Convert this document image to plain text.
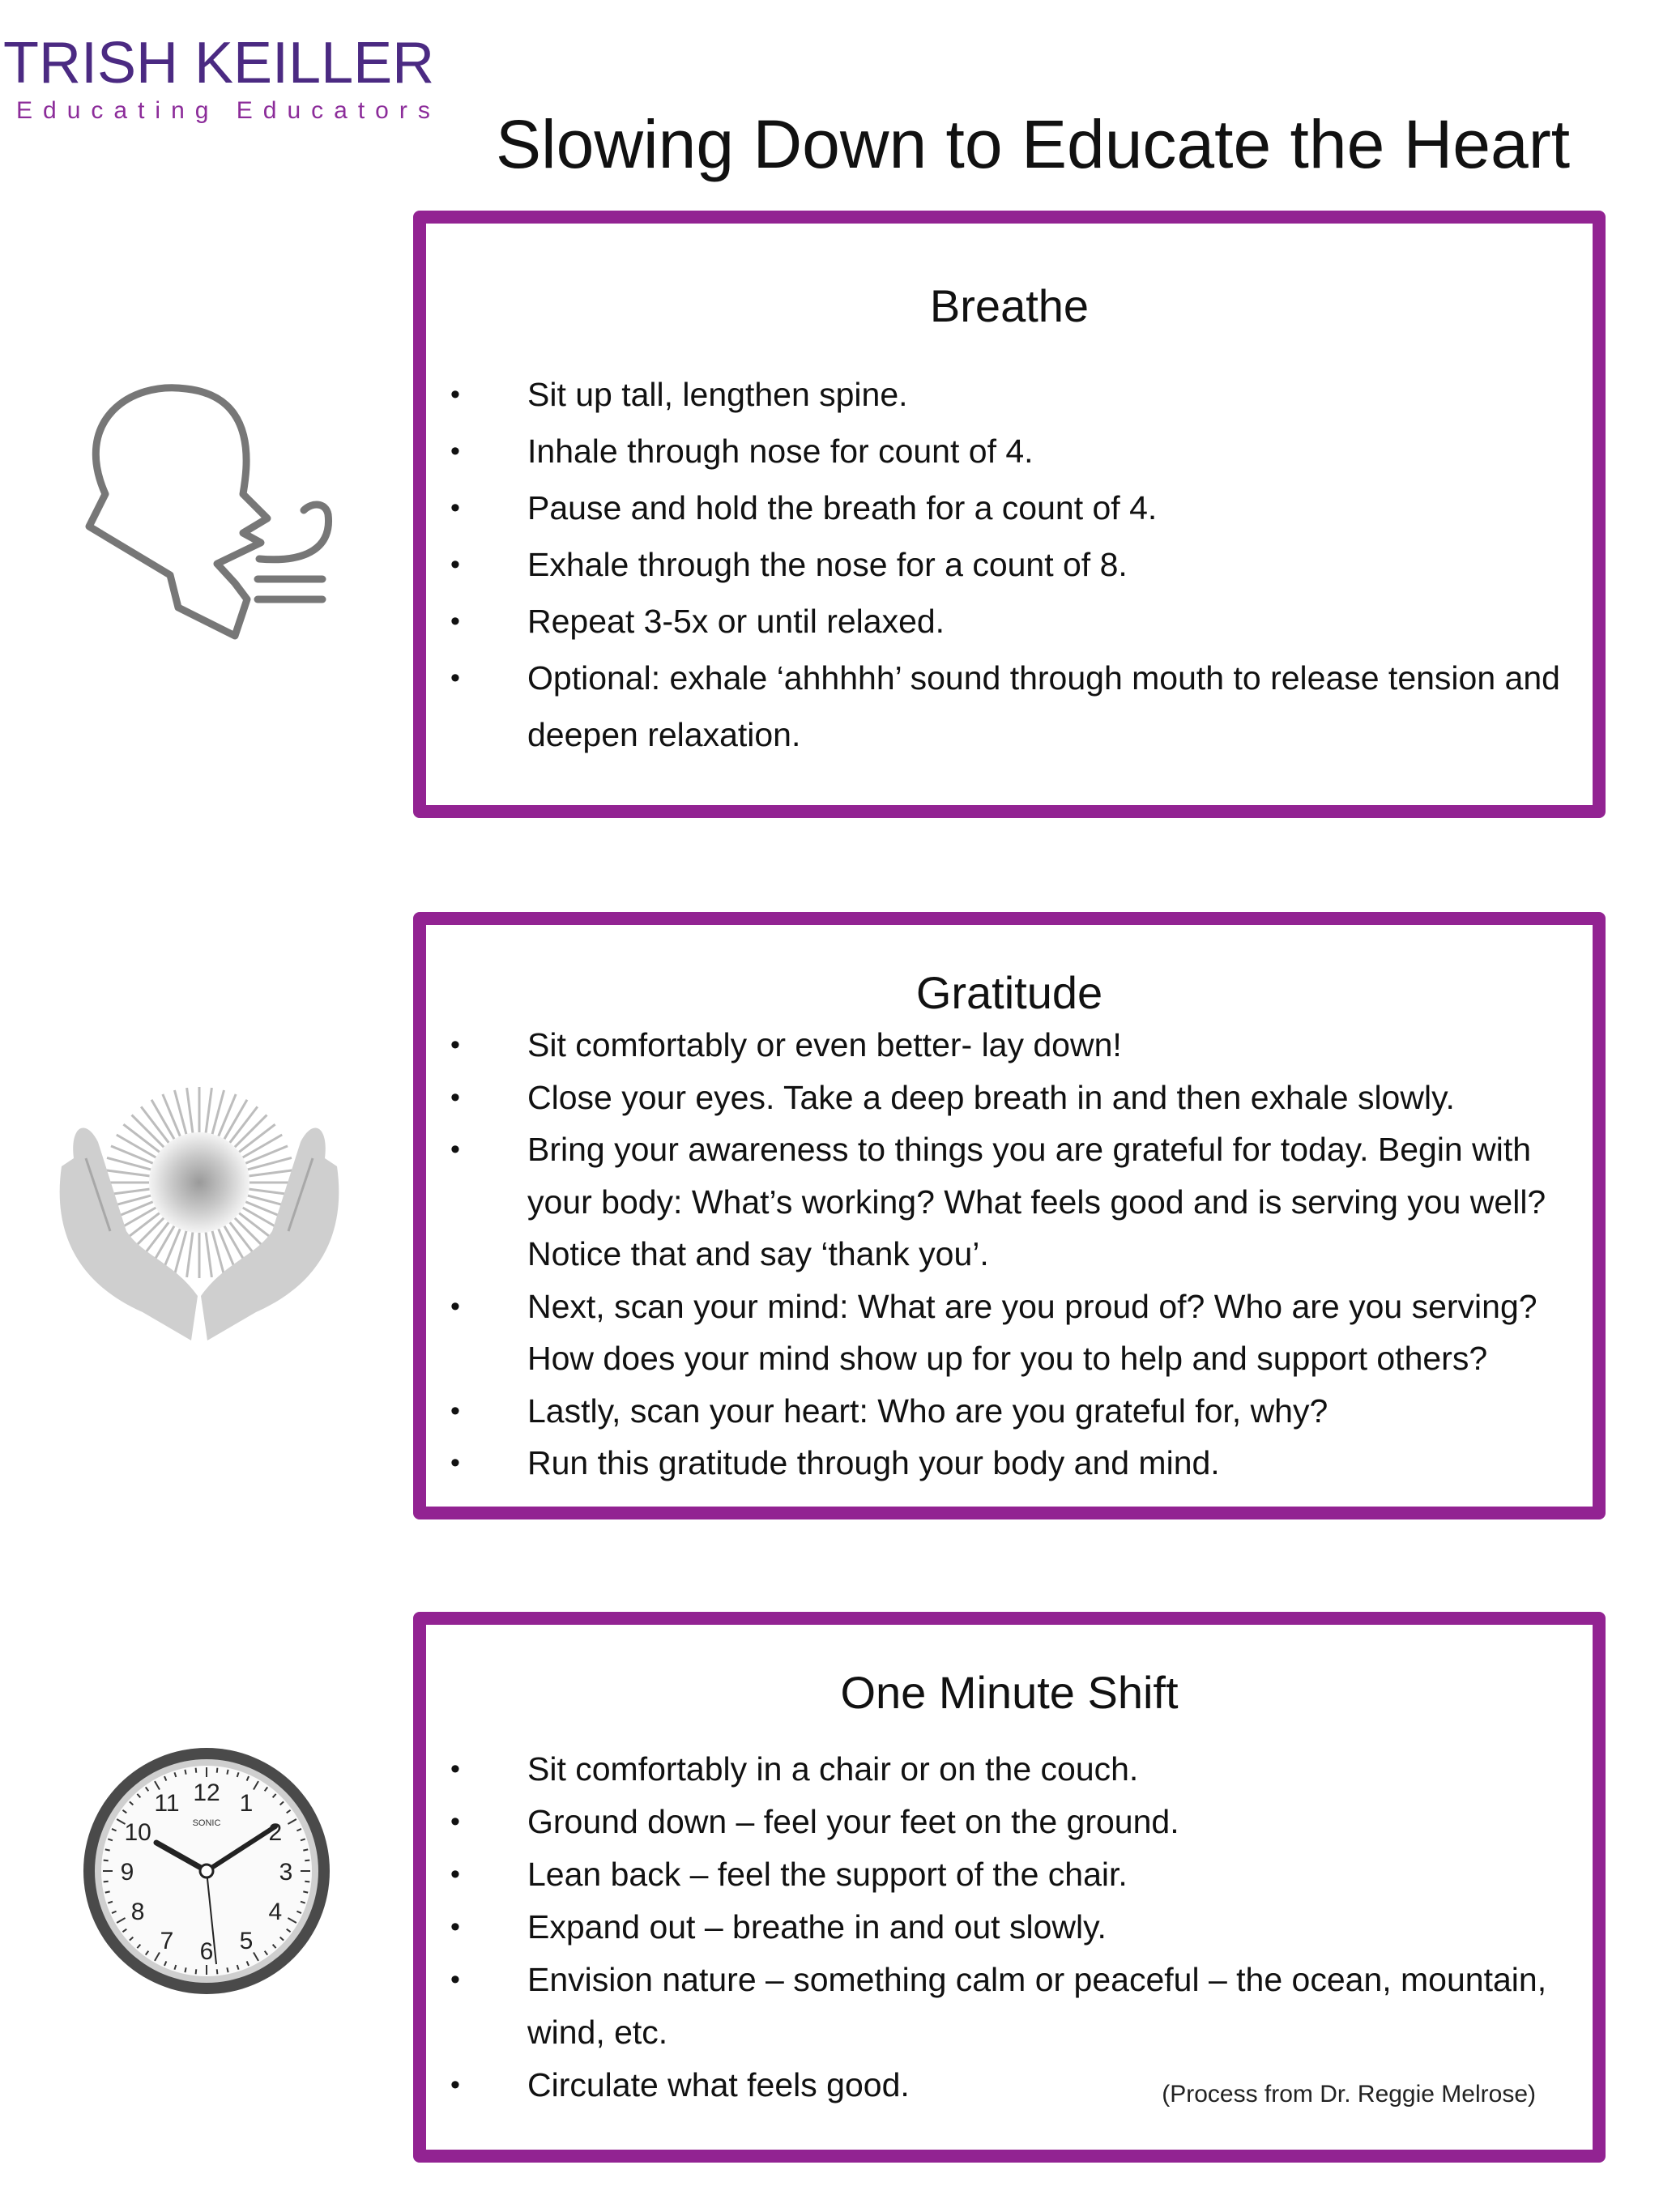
TRISH KEILLER
Educating Educators Slowing Down to Educate the Heart
Breathe
• Sit up tall, lengthen spine.
• Inhale through nose for count of 4.
• Pause and hold the breath for a count of 4.
• Exhale through the nose for a count of 8.
• Repeat 3-5x or until relaxed.
• Optional: exhale ‘ahhhhh’ sound through mouth to release tension and deepen relaxation.
Gratitude
• Sit comfortably or even better- lay down!
• Close your eyes. Take a deep breath in and then exhale slowly.
• Bring your awareness to things you are grateful for today. Begin with your body: What’s working? What feels good and is serving you well? Notice that and say ‘thank you’.
• Next, scan your mind: What are you proud of? Who are you serving? How does your mind show up for you to help and support others?
• Lastly, scan your heart: Who are you grateful for, why?
• Run this gratitude through your body and mind.
One Minute Shift
• Sit comfortably in a chair or on the couch.
• Ground down – feel your feet on the ground.
• Lean back – feel the support of the chair.
• Expand out – breathe in and out slowly.
• Envision nature – something calm or peaceful – the ocean, mountain, wind, etc.
• Circulate what feels good.	(Process from Dr. Reggie Melrose)
12 1
2
3
4
5
6
7
8
9
10
11
SONIC
